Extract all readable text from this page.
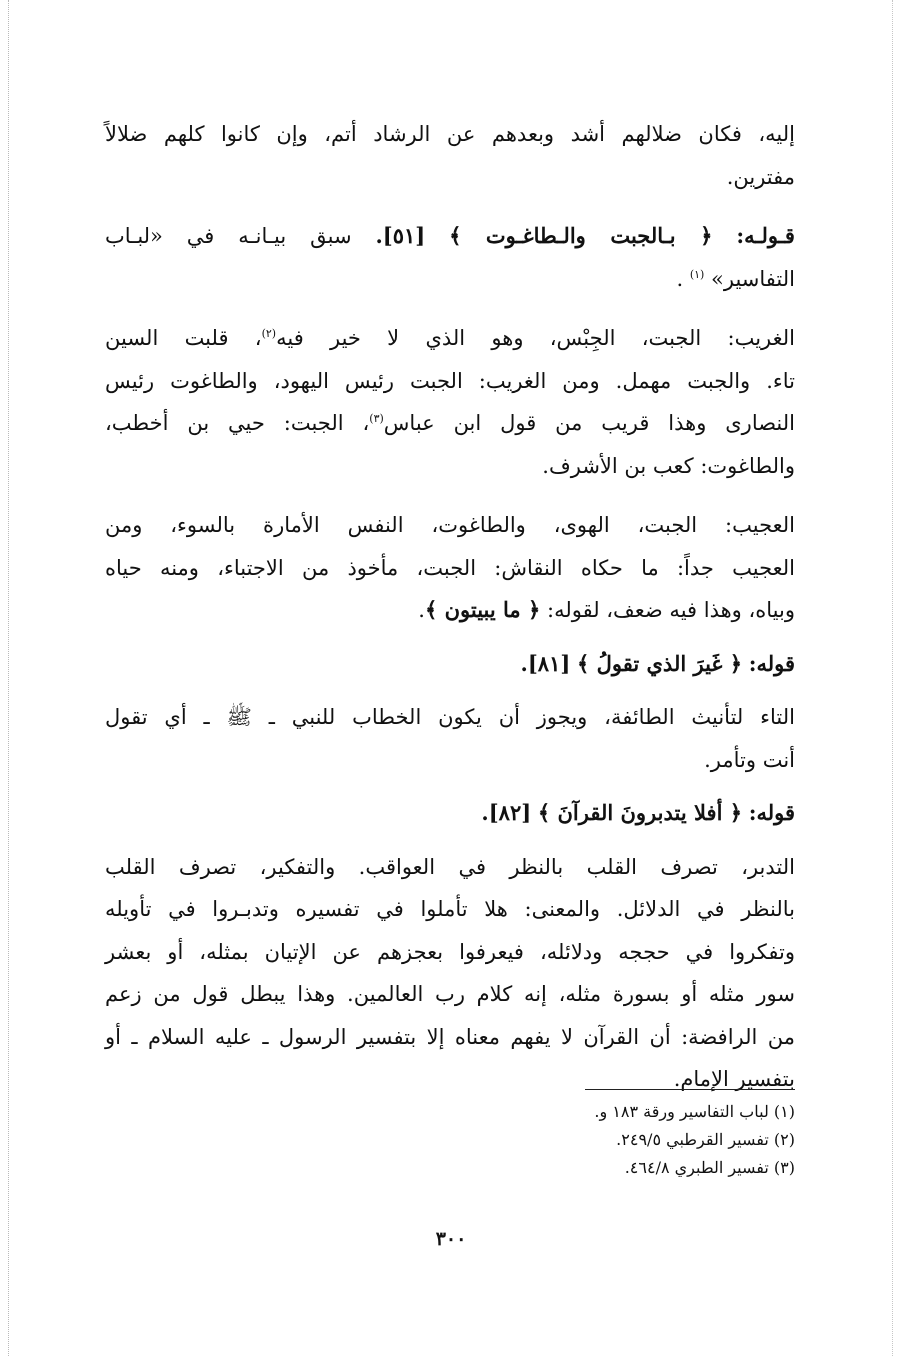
إليه، فكان ضلالهم أشد وبعدهم عن الرشاد أتم، وإن كانوا كلهم ضلالاً
مفترين.

قـولـه: ﴿ بـالجبت والـطاغـوت ﴾ [٥١]. سبق بيـانـه في «لبـاب
التفاسير» $^{(١)}$ .

الغريب: الجبت، الجِبْس، وهو الذي لا خير فيه$^{(٢)}$، قلبت السين
تاء. والجبت مهمل. ومن الغريب: الجبت رئيس اليهود، والطاغوت رئيس
النصارى وهذا قريب من قول ابن عباس$^{(٣)}$، الجبت: حيي بن أخطب،
والطاغوت: كعب بن الأشرف.

العجيب: الجبت، الهوى، والطاغوت، النفس الأمارة بالسوء، ومن
العجيب جداً: ما حكاه النقاش: الجبت، مأخوذ من الاجتباء، ومنه حياه
وبياه، وهذا فيه ضعف، لقوله: ﴿ ما يبيتون ﴾.

قوله: ﴿ غَيرَ الذي تقولُ ﴾ [٨١].

التاء لتأنيث الطائفة، ويجوز أن يكون الخطاب للنبي ـ ﷺ ـ أي تقول
أنت وتأمر.

قوله: ﴿ أفلا يتدبرونَ القرآنَ ﴾ [٨٢].

التدبر، تصرف القلب بالنظر في العواقب. والتفكير، تصرف القلب
بالنظر في الدلائل. والمعنى: هلا تأملوا في تفسيره وتدبـروا في تأويله
وتفكروا في حججه ودلائله، فيعرفوا بعجزهم عن الإتيان بمثله، أو بعشر
سور مثله أو بسورة مثله، إنه كلام رب العالمين. وهذا يبطل قول من زعم
من الرافضة: أن القرآن لا يفهم معناه إلا بتفسير الرسول ـ عليه السلام ـ أو
بتفسير الإمام.

(١) لباب التفاسير ورقة ١٨٣ و.
(٢) تفسير القرطبي ٢٤٩/٥.
(٣) تفسير الطبري ٤٦٤/٨.
٣٠٠
